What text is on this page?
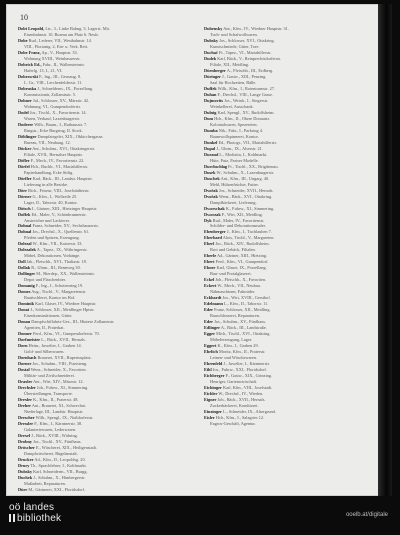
10
Dobt Leopold, Ltr., 3., Linke Bahng. 5, Lagerst. Mü.
Eisenbahnstr. 10, Bureau am Platz 6. Neub.
Dobe Rud., Lederer, VII., Westbahnstr. 14.
VIII., Florianig. 2, Ein- u. Verk. Reit.
Dobe Franz, Ap., V., Hauptstr. 33.
Wohnung XVIII., Weinhauserstr.
Dobrick Ed., Fabr., II., Wallensteinstr.
Haferlg. 13, I., 21, VI.
Dobrowski F., Ing., III., Geusaug. 8.
L. Gr., VIII., Lerchenfelderstr. 11.
Dobruska J., Schnelderm., IX., Porzellang.
Kommissionär, Zollamtsstr. 5.
Dobner Jul., Schlosser, XV., Märzstr. 42.
Wohnung, VI., Gumpendorferstr.
Dodel Jos., Tischl., X., Favoritenstr. 14.
Waren, Verkauf, Laxenburgerstr.
Doderer Wilh., Baum., I., Rathausstr. 7.
Ringstr., Ecke Burgring, II. Stock.
Döblinger Dampfziegelei, XIX., Obkirchergasse.
Bureau, VII., Neubaug. 12.
Döcker Ant., Schuhm., XVI., Ottakringerstr.
Filiale, XVII., Hernalser Hauptstr.
Döfler F., Mech., IV., Favoritenstr. 22.
Dörfel Hch., Buchb., VI., Mariahilferstr.
Papierhandlung, Ecke Stiftg.
Dörfler Karl, Bäck., III., Landstr. Hauptstr.
Lieferung in alle Bezirke.
Dörr Rich., Friseur, VIII., Josefstädterstr.
Dörner G., Kfm., I., Wollzeile 25.
Lager, II., Taborstr. 40, Kontor.
Dötsch J., Gärtner, XIII., Hietzinger Hauptstr.
Doffek Ed., Maler, V., Schönbrunnerstr.
Anstreicher und Lackierer.
Dohnal Franz, Schneider, XV., Sechshauserstr.
Dohnal Jos., Drechsl., X., Quellenstr. 61.
Pfeifen und Spitzen, Erzeugung.
Dolezal W., Kfm., VII., Kaiserstr. 33.
Dolezalek A., Tapez., IX., Währingerstr.
Möbel, Dekorationen, Vorhänge.
Doll Jak., Fleischh., XVI., Thaliastr. 18.
Dollak R., Uhrm., III., Rennweg 30.
Dollinger M., Bierdep., XX., Wallensteinstr.
Depot und Flaschenbier.
Domanig F., Ing., I., Schottenring 19.
Domes Aug., Tischl., V., Margaretenstr.
Bautischlerei, Kontor im Hof.
Dominik Karl, Glaser, IV., Wiedner Hauptstr.
Donat J., Schlosser, XII., Meidlinger Hptstr.
Eisenkonstruktionen, Gitter.
Donau Dampfschiffahrts-Ges., III., Hintere Zollamtsstr.
Agentien, II., Praterkai.
Donner Ferd., Kfm., VI., Gumpendorferstr. 70.
Dorfmeister L., Bäck., XVII., Hernals.
Dorn Heinr., Juwelier, I., Graben 14.
Gold- und Silberwaren.
Dornbach Brauerei, XVII., Rupertusplatz.
Dorner Jos., Schuhm., VIII., Piaristeng.
Dostal Wenz., Schneider, X., Favoriten.
Militär- und Zivilschneiderei.
Draxler Ant., Wirt, XIV., Märzstr. 12.
Drechsler Joh., Fuhrw., XI., Simmering.
Übersiedlungen, Transporte.
Drexler K., Kfm., II., Praterstr. 48.
Dreher Ant., Brauerei, XI., Schwechat.
Niederlage, III., Landstr. Hauptstr.
Drescher Wilh., Spengl., IX., Nußdorferstr.
Dressler F., Kfm., I., Kärntnerstr. 38.
Galanteriewaren, Lederwaren.
Drexel J., Bäck., XVIII., Währing.
Drobny Jos., Tischl., XV., Fünfhaus.
Dröscher E., Wäscherei, XIX., Heiligenstadt.
Dampfwäscherei, Bügelanstalt.
Drucker Ad., Kfm., II., Leopoldsg. 20.
Drury Th., Sprachlehrer, I., Kohlmarkt.
Dubsky Karl, Schneiderm., VII., Burgg.
Duchek J., Schuhm., X., Himbergerstr.
Maßarbeit, Reparaturen.
Dürr M., Gärtnerei, XXI., Floridsdorf.
Dubensky Ant., Kfm., IV., Wiedner Hauptstr. 31.
Tuch- und Schafwollwaren.
Dubsky Jos., Schlosser, XVI., Ottakring.
Kunstschmiede, Gitter, Tore.
Duchač Fr., Tapez., VI., Mariahilferstr.
Dudek Karl, Bäck., V., Reinprechtsdorferstr.
Filiale, XII., Meidling.
Dürnberger A., Fleischh., III., Erdberg.
Düringer J., Gastw., XIII., Penzing.
Saal für Hochzeiten, Bälle.
Duffek Wilh., Kfm., I., Rotenturmstr. 27.
Duhan F., Drechsl., VIII., Lange Gasse.
Dujmovits Jos., Weinh., I., Singerstr.
Weinkellerei, Ausschank.
Dulnig Karl, Spengl., XV., Rudolfsheim.
Dum Hch., Kfm., II., Obere Donaustr.
Kolonialwaren, Spezereien.
Dumba Nik., Fabr., I., Parkring 4.
Baumwollspinnerei, Kontor.
Dunkel Ed., Photogr., VII., Mariahilferstr.
Dupal J., Uhrm., IX., Alserstr. 21.
Durand L., Modistin, I., Kohlmarkt.
Hüte, Putz, Pariser Modelle.
Durchschlag Fr., Tischl., XX., Brigittenau.
Dusek W., Schuhm., X., Laxenburgerstr.
Duschek Ant., Kfm., III., Ungarg. 40.
Mehl, Hülsenfrüchte, Futter.
Dvořak Jos., Schneider, XVII., Hernals.
Dvořak Wenz., Bäck., XVI., Ottakring.
Dampfbäckerei, Lieferung.
Dworschak K., Fuhrw., XI., Simmering.
Dworzak F., Wirt, XII., Meidling.
Dyk Rud., Maler, IV., Favoritenstr.
Schilder- und Dekorationsmaler.
Ebenberger J., Kfm., I., Tuchlauben 7.
Eberhard Alois, Tischl., V., Margareten.
Eberl Jos., Bäck., XIV., Rudolfsheim.
Brot und Gebäck, Filialen.
Eberle Ad., Gärtner, XIII., Hietzing.
Ebert Ferd., Kfm., VI., Gumpendorf.
Ebner Karl, Glaser, IX., Porzellang.
Bau- und Portalglaserei.
Eckel Joh., Fleischh., X., Favoriten.
Eckert W., Mech., VII., Neubau.
Nähmaschinen, Fahrräder.
Eckhardt Jos., Wirt, XVIII., Gersthof.
Edelmann L., Kfm., II., Taborstr. 11.
Eder Franz, Schlosser, XII., Meidling.
Bauschlosserei, Reparaturen.
Eder Jos., Schuhm., XV., Fünfhaus.
Edlinger A., Bäck., III., Landstraße.
Egger Mich., Tischl., XVI., Ottakring.
Möbelerzeugung, Lager.
Eggert K., Kfm., I., Graben 29.
Ehrlich Moritz, Kfm., II., Praterstr.
Leinen- und Wäschewaren.
Ehrenfeld J., Juwelier, I., Kärntnerstr.
Eibl Jos., Fuhrw., XXI., Floridsdorf.
Eichberger F., Gastw., XIX., Grinzing.
Heuriger, Gartenwirtschaft.
Eichinger Karl, Kfm., VIII., Josefstadt.
Eichler W., Drechsl., IV., Wieden.
Eigner Joh., Bäck., XVII., Hernals.
Zuckerbäckerei, Konditorei.
Einzinger L., Schneider, IX., Alsergrund.
Eisler Hch., Kfm., I., Salzgries 12.
Engros-Geschäft, Agentur.
oö landes
bibliothek	ooelb.at/digitale
